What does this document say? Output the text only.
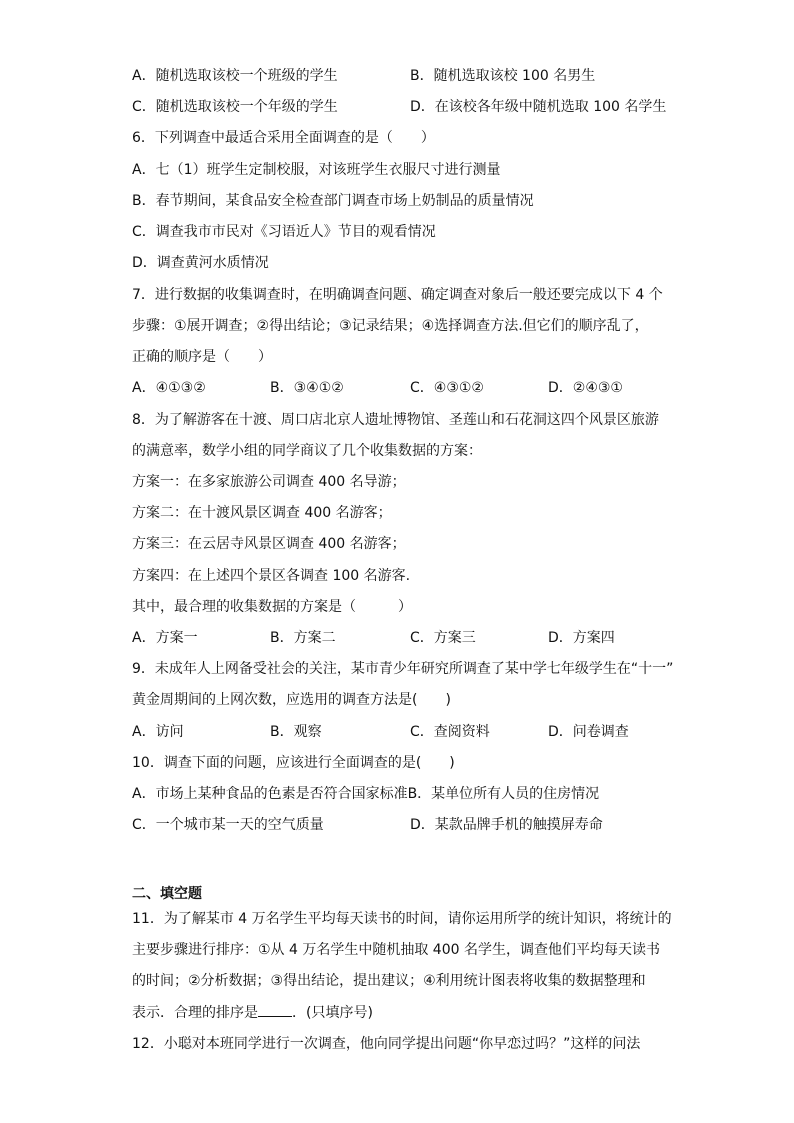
A．随机选取该校一个班级的学生	B．随机选取该校 100 名男生
C．随机选取该校一个年级的学生	D．在该校各年级中随机选取 100 名学生
6．下列调查中最适合采用全面调查的是（　　）
A．七（1）班学生定制校服，对该班学生衣服尺寸进行测量
B．春节期间，某食品安全检查部门调查市场上奶制品的质量情况
C．调查我市市民对《习语近人》节目的观看情况
D．调查黄河水质情况
7．进行数据的收集调查时，在明确调查问题、确定调查对象后一般还要完成以下 4 个
步骤：①展开调查；②得出结论；③记录结果；④选择调查方法.但它们的顺序乱了，
正确的顺序是（　　）
A．④①③②	B．③④①②	C．④③①②	D．②④③①
8．为了解游客在十渡、周口店北京人遗址博物馆、圣莲山和石花洞这四个风景区旅游
的满意率，数学小组的同学商议了几个收集数据的方案：
方案一：在多家旅游公司调查 400 名导游；
方案二：在十渡风景区调查 400 名游客；
方案三：在云居寺风景区调查 400 名游客；
方案四：在上述四个景区各调查 100 名游客.
其中，最合理的收集数据的方案是（　　　）
A．方案一	B．方案二	C．方案三	D．方案四
9．未成年人上网备受社会的关注，某市青少年研究所调查了某中学七年级学生在“十一”
黄金周期间的上网次数，应选用的调查方法是(　　)
A．访问	B．观察	C．查阅资料	D．问卷调查
10．调查下面的问题，应该进行全面调查的是(　　)
A．市场上某种食品的色素是否符合国家标准B．某单位所有人员的住房情况
C．一个城市某一天的空气质量	D．某款品牌手机的触摸屏寿命
二、填空题
11．为了解某市 4 万名学生平均每天读书的时间，请你运用所学的统计知识，将统计的
主要步骤进行排序：①从 4 万名学生中随机抽取 400 名学生，调查他们平均每天读书
的时间；②分析数据；③得出结论，提出建议；④利用统计图表将收集的数据整理和
表示．合理的排序是 ．(只填序号)
12．小聪对本班同学进行一次调查，他向同学提出问题“你早恋过吗？”这样的问法
